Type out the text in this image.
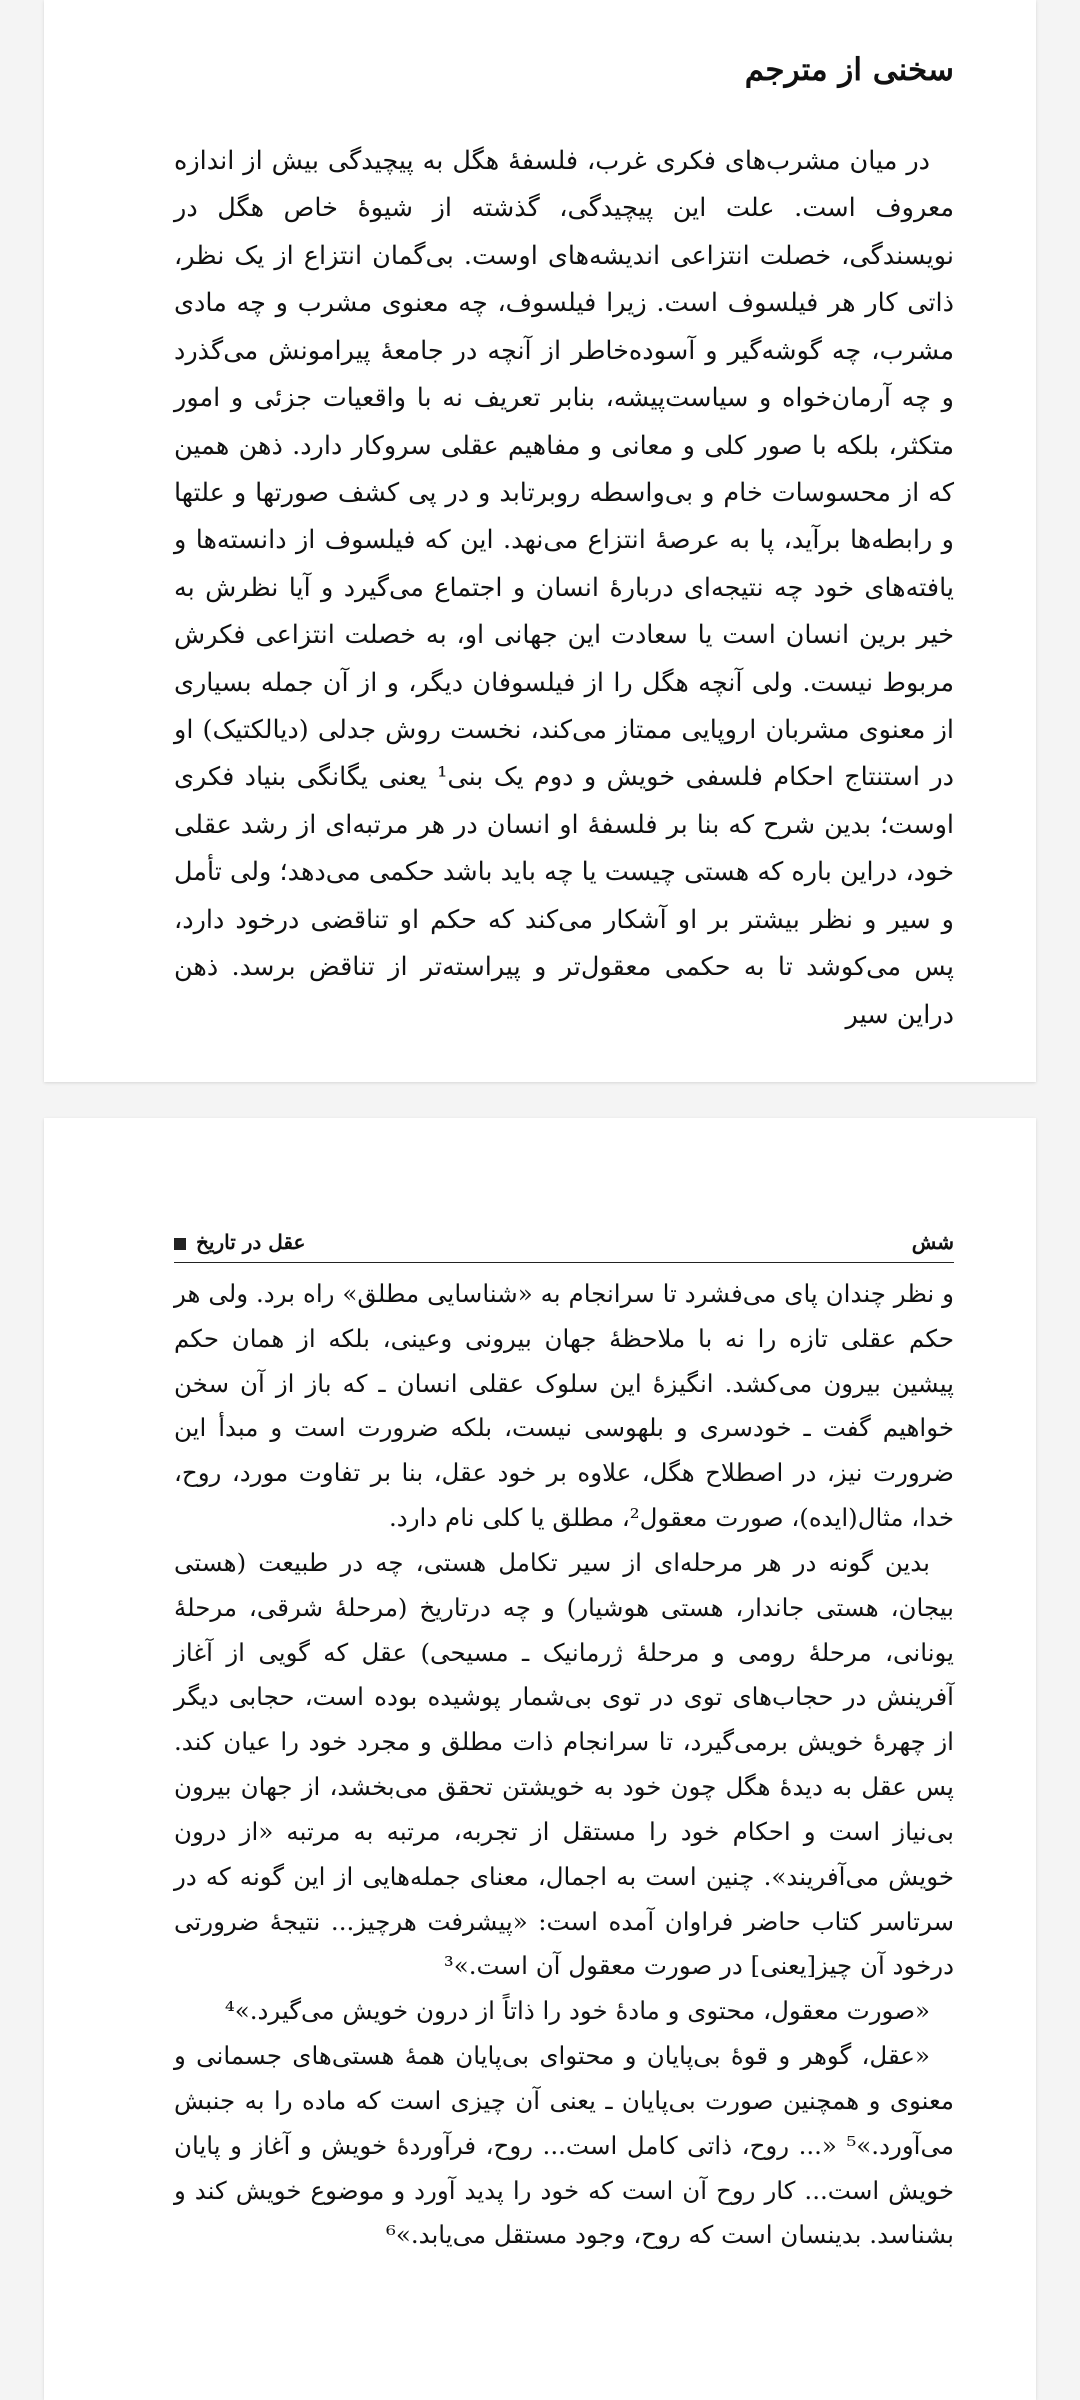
سخنی از مترجم

در میان مشرب‌های فکری غرب، فلسفهٔ هگل به پیچیدگی بیش از اندازه معروف است. علت این پیچیدگی، گذشته از شیوهٔ خاص هگل در نویسندگی، خصلت انتزاعی اندیشه‌های اوست. بی‌گمان انتزاع از یک نظر، ذاتی کار هر فیلسوف است. زیرا فیلسوف، چه معنوی مشرب و چه مادی مشرب، چه گوشه‌گیر و آسوده‌خاطر از آنچه در جامعهٔ پیرامونش می‌گذرد و چه آرمان‌خواه و سیاست‌پیشه، بنابر تعریف نه با واقعیات جزئی و امور متکثر، بلکه با صور کلی و معانی و مفاهیم عقلی سروکار دارد. ذهن همین که از محسوسات خام و بی‌واسطه روبرتابد و در پی کشف صورتها و علتها و رابطه‌ها برآید، پا به عرصهٔ انتزاع می‌نهد. این که فیلسوف از دانسته‌ها و یافته‌های خود چه نتیجه‌ای دربارهٔ انسان و اجتماع می‌گیرد و آیا نظرش به خیر برین انسان است یا سعادت این جهانی او، به خصلت انتزاعی فکرش مربوط نیست. ولی آنچه هگل را از فیلسوفان دیگر، و از آن جمله بسیاری از معنوی مشربان اروپایی ممتاز می‌کند، نخست روش جدلی (دیالکتیک) او در استنتاج احکام فلسفی خویش و دوم یک بنی¹ یعنی یگانگی بنیاد فکری اوست؛ بدین شرح که بنا بر فلسفهٔ او انسان در هر مرتبه‌ای از رشد عقلی خود، دراین باره که هستی چیست یا چه باید باشد حکمی می‌دهد؛ ولی تأمل و سیر و نظر بیشتر بر او آشکار می‌کند که حکم او تناقضی درخود دارد، پس می‌کوشد تا به حکمی معقول‌تر و پیراسته‌تر از تناقض برسد. ذهن دراین سیر

شش
عقل در تاریخ

و نظر چندان پای می‌فشرد تا سرانجام به «شناسایی مطلق» راه برد. ولی هر حکم عقلی تازه را نه با ملاحظهٔ جهان بیرونی وعینی، بلکه از همان حکم پیشین بیرون می‌کشد. انگیزهٔ این سلوک عقلی انسان ـ که باز از آن سخن خواهیم گفت ـ خودسری و بلهوسی نیست، بلکه ضرورت است و مبدأ این ضرورت نیز، در اصطلاح هگل، علاوه بر خود عقل، بنا بر تفاوت مورد، روح، خدا، مثال(ایده)، صورت معقول²، مطلق یا کلی نام دارد.

بدین گونه در هر مرحله‌ای از سیر تکامل هستی، چه در طبیعت (هستی بیجان، هستی جاندار، هستی هوشیار) و چه درتاریخ (مرحلهٔ شرقی، مرحلهٔ یونانی، مرحلهٔ رومی و مرحلهٔ ژرمانیک ـ مسیحی) عقل که گویی از آغاز آفرینش در حجاب‌های توی در توی بی‌شمار پوشیده بوده است، حجابی دیگر از چهرهٔ خویش برمی‌گیرد، تا سرانجام ذات مطلق و مجرد خود را عیان کند. پس عقل به دیدهٔ هگل چون خود به خویشتن تحقق می‌بخشد، از جهان بیرون بی‌نیاز است و احکام خود را مستقل از تجربه، مرتبه به مرتبه «از درون خویش می‌آفریند». چنین است به اجمال، معنای جمله‌هایی از این گونه که در سرتاسر کتاب حاضر فراوان آمده است: «پیشرفت هرچیز... نتیجهٔ ضرورتی درخود آن چیز[یعنی] در صورت معقول آن است.»³

«صورت معقول، محتوی و مادهٔ خود را ذاتاً از درون خویش می‌گیرد.»⁴

«عقل، گوهر و قوهٔ بی‌پایان و محتوای بی‌پایان همهٔ هستی‌های جسمانی و معنوی و همچنین صورت بی‌پایان ـ یعنی آن چیزی است که ماده را به جنبش می‌آورد.»⁵ «... روح، ذاتی کامل است... روح، فرآوردهٔ خویش و آغاز و پایان خویش است... کار روح آن است که خود را پدید آورد و موضوع خویش کند و بشناسد. بدینسان است که روح، وجود مستقل می‌یابد.»⁶
